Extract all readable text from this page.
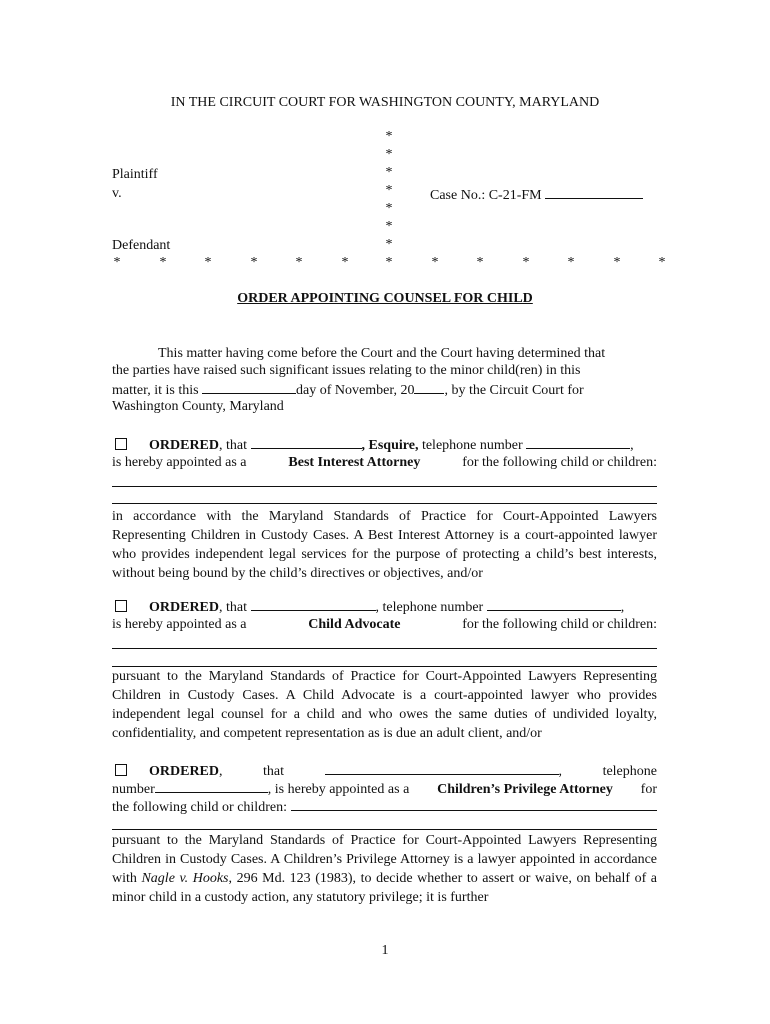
IN THE CIRCUIT COURT FOR WASHINGTON COUNTY, MARYLAND
*
*
*
*
*
*
*
Plaintiff
v.	Case No.: C-21-FM
Defendant
*	*	*	*	*	*	*	*	*	*	*	*	*
ORDER APPOINTING COUNSEL FOR CHILD
This matter having come before the Court and the Court having determined that
the parties have raised such significant issues relating to the minor child(ren) in this
matter, it is this	day of November, 20 , by the Circuit Court for
Washington County, Maryland
ORDERED, that	, Esquire, telephone number	,
is hereby appointed as a	Best Interest Attorney	for the following child or children:
in accordance with the Maryland Standards of Practice for Court-Appointed Lawyers Representing Children in Custody Cases. A Best Interest Attorney is a court-appointed lawyer who provides independent legal services for the purpose of protecting a child’s best interests, without being bound by the child’s directives or objectives, and/or
ORDERED, that	, telephone number	,
is hereby appointed as a	Child Advocate	for the following child or children:
pursuant to the Maryland Standards of Practice for Court-Appointed Lawyers Representing Children in Custody Cases. A Child Advocate is a court-appointed lawyer who provides independent legal counsel for a child and who owes the same duties of undivided loyalty, confidentiality, and competent representation as is due an adult client, and/or
ORDERED,	that	,	telephone
number	, is hereby appointed as a Children’s Privilege Attorney for
the following child or children:
pursuant to the Maryland Standards of Practice for Court-Appointed Lawyers Representing Children in Custody Cases. A Children’s Privilege Attorney is a lawyer appointed in accordance with Nagle v. Hooks, 296 Md. 123 (1983), to decide whether to assert or waive, on behalf of a minor child in a custody action, any statutory privilege; it is further
1
